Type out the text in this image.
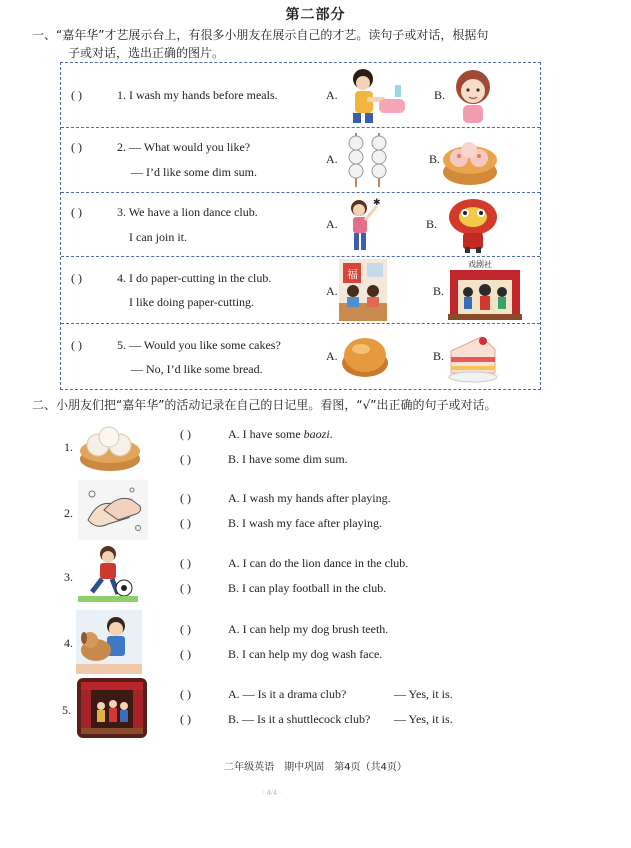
第二部分
一、“嘉年华”才艺展示台上，有很多小朋友在展示自己的才艺。读句子或对话，根据句
子或对话，选出正确的图片。
( )	1. I wash my hands before meals.	A.	B.
( )	2. — What would you like?
— I’d like some dim sum.
A.	B.
( )	3. We have a lion dance club.
I can join it.
A.
✱
B.
( )	4. I do paper-cutting in the club.
I like doing paper-cutting.
A.
福
B.
戏剧社
( )	5. — Would you like some cakes?
— No, I’d like some bread.
A.	B.
二、小朋友们把“嘉年华”的活动记录在自己的日记里。看图，“√”出正确的句子或对话。
1.
( )	A. I have some baozi.
( )	B. I have some dim sum.
2.
( )	A. I wash my hands after playing.
( )	B. I wash my face after playing.
3.
( )	A. I can do the lion dance in the club.
( )	B. I can play football in the club.
4.
( )	A. I can help my dog brush teeth.
( )	B. I can help my dog wash face.
5.
( )	A. — Is it a drama club?	— Yes, it is.
( )	B. — Is it a shuttlecock club? — Yes, it is.
二年级英语　期中巩固　第4页（共4页）
· 4/4 ·
